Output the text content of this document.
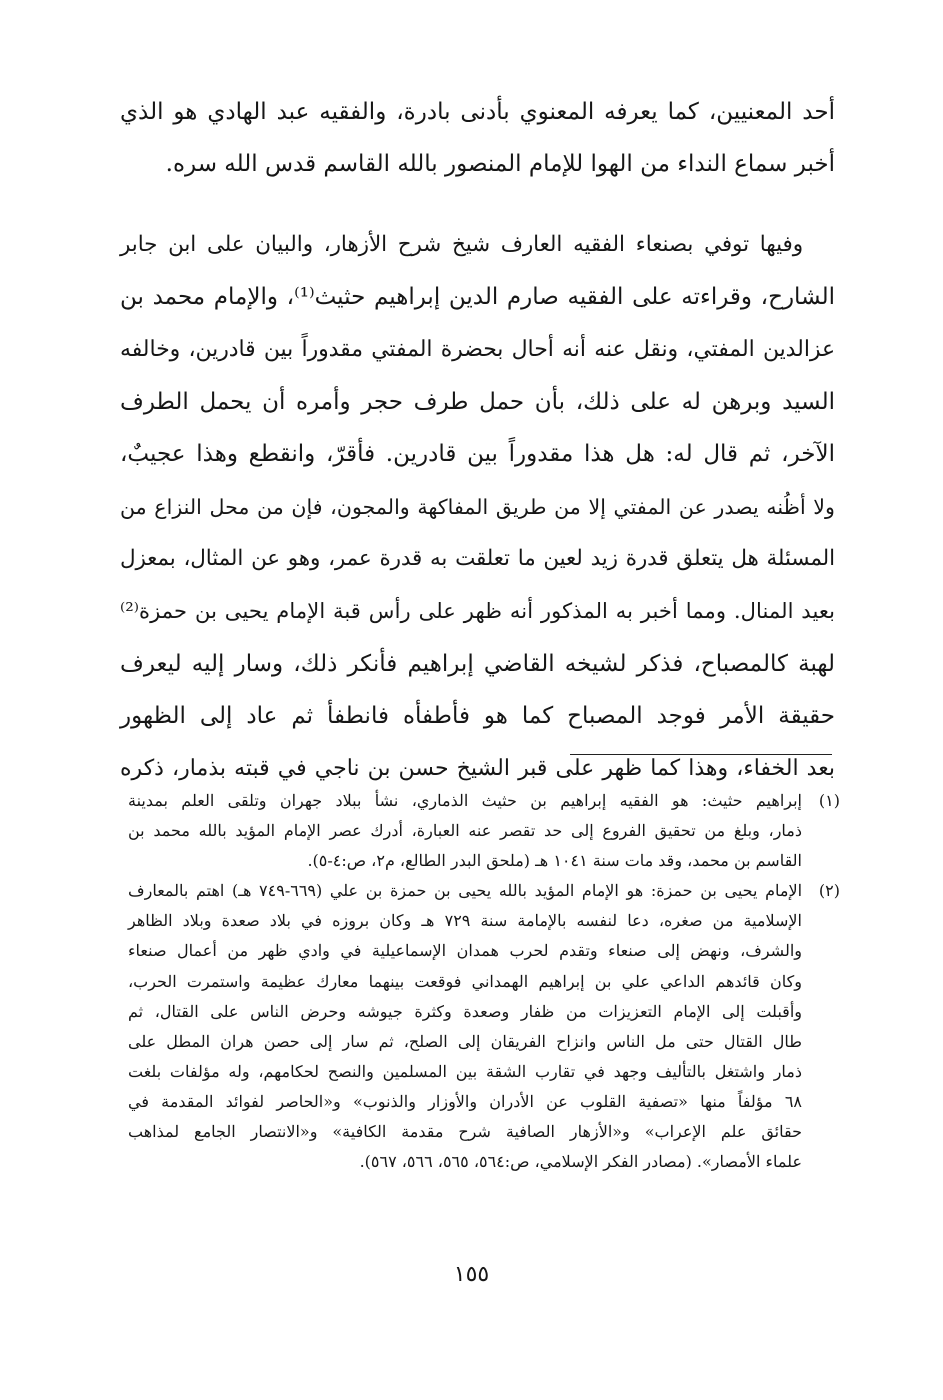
أحد المعنيين، كما يعرفه المعنوي بأدنى بادرة، والفقيه عبد الهادي هو الذي
أخبر سماع النداء من الهوا للإمام المنصور بالله القاسم قدس الله سره.
وفيها توفي بصنعاء الفقيه العارف شيخ شرح الأزهار، والبيان على ابن جابر
الشارح، وقراءته على الفقيه صارم الدين إبراهيم حثيث⁽¹⁾، والإمام محمد بن
عزالدين المفتي، ونقل عنه أنه أحال بحضرة المفتي مقدوراً بين قادرين، وخالفه
السيد وبرهن له على ذلك، بأن حمل طرف حجر وأمره أن يحمل الطرف
الآخر، ثم قال له: هل هذا مقدوراً بين قادرين. فأقرّ، وانقطع وهذا عجيبٌ،
ولا أظُنه يصدر عن المفتي إلا من طريق المفاكهة والمجون، فإن من محل النزاع من
المسئلة هل يتعلق قدرة زيد لعين ما تعلقت به قدرة عمر، وهو عن المثال، بمعزل
بعيد المنال. ومما أخبر به المذكور أنه ظهر على رأس قبة الإمام يحيى بن حمزة⁽²⁾
لهبة كالمصباح، فذكر لشيخه القاضي إبراهيم فأنكر ذلك، وسار إليه ليعرف
حقيقة الأمر فوجد المصباح كما هو فأطفأه فانطفأ ثم عاد إلى الظهور
بعد الخفاء، وهذا كما ظهر على قبر الشيخ حسن بن ناجي في قبته بذمار، ذكره
(١)
إبراهيم حثيث: هو الفقيه إبراهيم بن حثيث الذماري، نشأ ببلاد جهران وتلقى العلم بمدينة
ذمار، وبلغ من تحقيق الفروع إلى حد تقصر عنه العبارة، أدرك عصر الإمام المؤيد بالله محمد بن
القاسم بن محمد، وقد مات سنة ١٠٤١ هـ (ملحق البدر الطالع، م٢، ص:٤-٥).
(٢)
الإمام يحيى بن حمزة: هو الإمام المؤيد بالله يحيى بن حمزة بن علي (٦٦٩-٧٤٩ هـ) اهتم بالمعارف
الإسلامية من صغره، دعا لنفسه بالإمامة سنة ٧٢٩ هـ وكان بروزه في بلاد صعدة وبلاد الظاهر
والشرف، ونهض إلى صنعاء وتقدم لحرب همدان الإسماعيلية في وادي ظهر من أعمال صنعاء
وكان قائدهم الداعي علي بن إبراهيم الهمداني فوقعت بينهما معارك عظيمة واستمرت الحرب،
وأقبلت إلى الإمام التعزيزات من ظفار وصعدة وكثرة جيوشه وحرض الناس على القتال، ثم
طال القتال حتى مل الناس وانزاح الفريقان إلى الصلح، ثم سار إلى حصن هران المطل على
ذمار واشتغل بالتأليف وجهد في تقارب الشقة بين المسلمين والنصح لحكامهم، وله مؤلفات بلغت
٦٨ مؤلفاً منها «تصفية القلوب عن الأدران والأوزار والذنوب» و«الحاصر لفوائد المقدمة في
حقائق علم الإعراب» و«الأزهار الصافية شرح مقدمة الكافية» و«الانتصار الجامع لمذاهب
علماء الأمصار». (مصادر الفكر الإسلامي، ص:٥٦٤، ٥٦٥، ٥٦٦، ٥٦٧).
١٥٥
